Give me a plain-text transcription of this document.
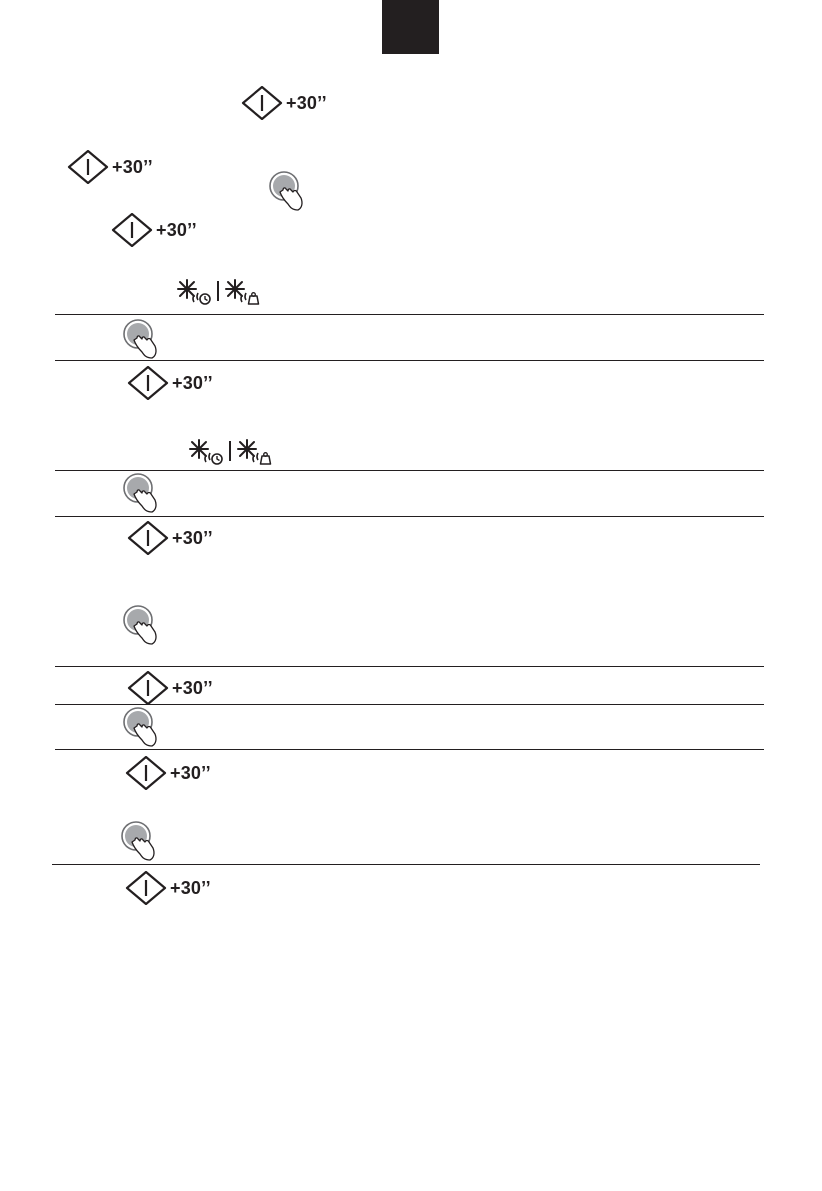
+30’’
+30’’
+30’’
+30’’
+30’’
+30’’
+30’’
+30’’
